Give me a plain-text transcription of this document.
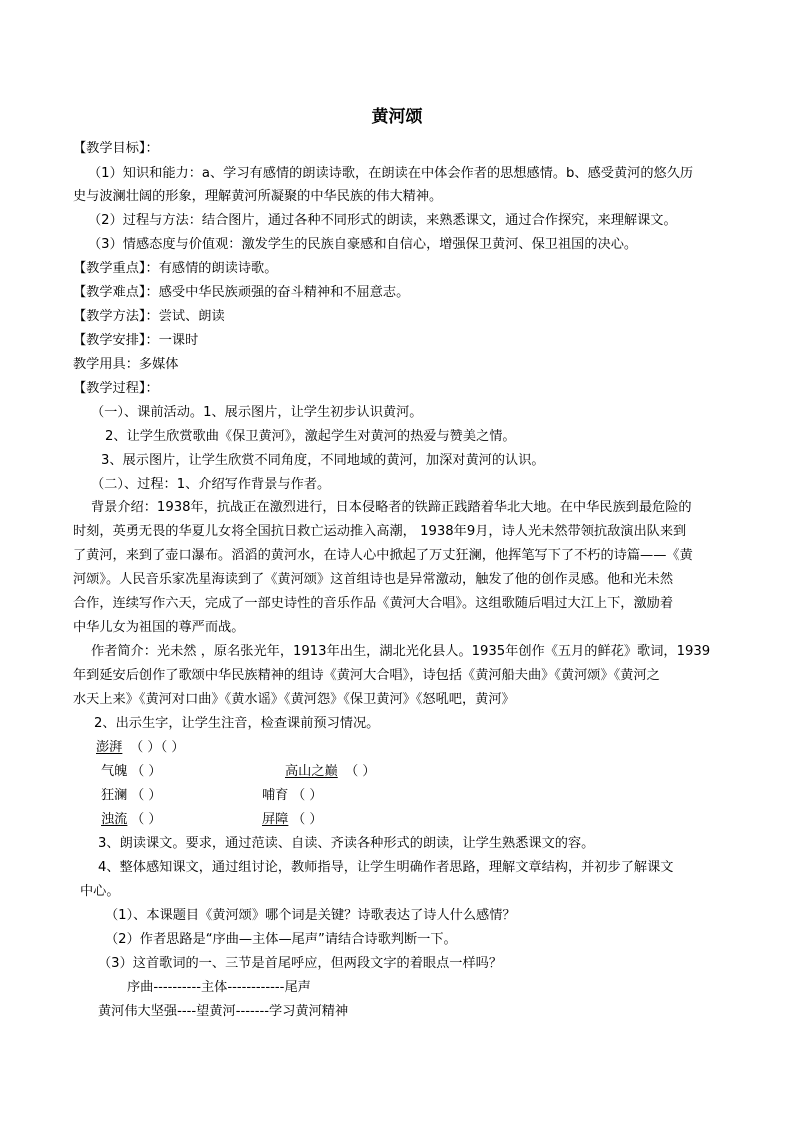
黄河颂
【教学目标】：
（1）知识和能力：a、学习有感情的朗读诗歌，在朗读在中体会作者的思想感情。b、感受黄河的悠久历
史与波澜壮阔的形象，理解黄河所凝聚的中华民族的伟大精神。
（2）过程与方法：结合图片，通过各种不同形式的朗读，来熟悉课文，通过合作探究，来理解课文。
（3）情感态度与价值观：激发学生的民族自豪感和自信心，增强保卫黄河、保卫祖国的决心。
【教学重点】：有感情的朗读诗歌。
【教学难点】：感受中华民族顽强的奋斗精神和不屈意志。
【教学方法】：尝试、朗读
【教学安排】：一课时
教学用具：多媒体
【教学过程】：
（一）、课前活动。1、展示图片，让学生初步认识黄河。
2、让学生欣赏歌曲《保卫黄河》，激起学生对黄河的热爱与赞美之情。
3、展示图片，让学生欣赏不同角度，不同地域的黄河，加深对黄河的认识。
（二）、过程：1、介绍写作背景与作者。
背景介绍：1938年，抗战正在激烈进行，日本侵略者的铁蹄正践踏着华北大地。在中华民族到最危险的
时刻，英勇无畏的华夏儿女将全国抗日救亡运动推入高潮， 1938年9月，诗人光未然带领抗敌演出队来到
了黄河，来到了壶口瀑布。滔滔的黄河水，在诗人心中掀起了万丈狂澜，他挥笔写下了不朽的诗篇——《黄
河颂》。人民音乐家冼星海读到了《黄河颂》这首组诗也是异常激动，触发了他的创作灵感。他和光未然
合作，连续写作六天，完成了一部史诗性的音乐作品《黄河大合唱》。这组歌随后唱过大江上下，激励着
中华儿女为祖国的尊严而战。
作者简介：光未然 ，原名张光年，1913年出生，湖北光化县人。1935年创作《五月的鲜花》歌词，1939
年到延安后创作了歌颂中华民族精神的组诗《黄河大合唱》，诗包括《黄河船夫曲》《黄河颂》《黄河之
水天上来》《黄河对口曲》《黄水谣》《黄河怨》《保卫黄河》《怒吼吧，黄河》
2、出示生字，让学生注音，检查课前预习情况。
澎湃 （ ）（ ）
气魄 （ ）	高山之巅 （ ）
狂澜 （ ）	哺育 （ ）
浊流 （ ）	屏障 （ ）
3、朗读课文。要求，通过范读、自读、齐读各种形式的朗读，让学生熟悉课文的容。
4、整体感知课文，通过组讨论，教师指导，让学生明确作者思路，理解文章结构，并初步了解课文
中心。
（1）、本课题目《黄河颂》哪个词是关键？诗歌表达了诗人什么感情？
（2）作者思路是“序曲—主体—尾声”请结合诗歌判断一下。
（3）这首歌词的一、三节是首尾呼应，但两段文字的着眼点一样吗？
序曲----------主体------------尾声
黄河伟大坚强----望黄河-------学习黄河精神
